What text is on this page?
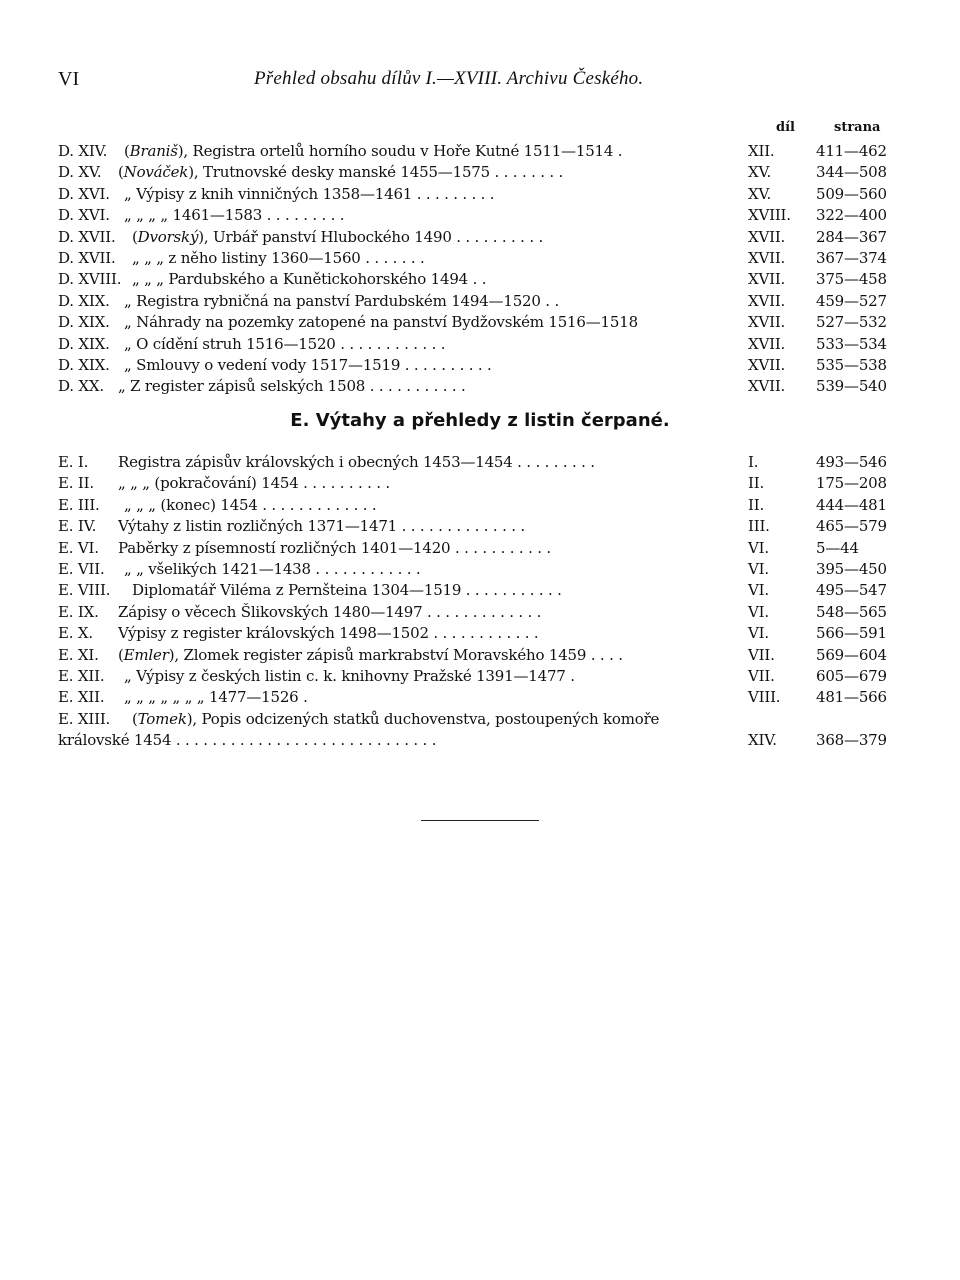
VI	Přehled obsahu dílův I.—XVIII. Archivu Českého.
díl	strana
D. XIV. (Braniš), Registra ortelů horního soudu v Hoře Kutné 1511—1514 .	XII.	411—462
D. XV. (Nováček), Trutnovské desky manské 1455—1575 . . . . . . . .	XV.	344—508
D. XVI. „ Výpisy z knih vinničných 1358—1461 . . . . . . . . .	XV.	509—560
D. XVI. „ „ „ „ 1461—1583 . . . . . . . . .	XVIII. 322—400
D. XVII. (Dvorský), Urbář panství Hlubockého 1490 . . . . . . . . . .	XVII. 284—367
D. XVII. „ „ „ z něho listiny 1360—1560 . . . . . . .	XVII. 367—374
D. XVIII. „ „ „ Pardubského a Kunětickohorského 1494 . .	XVII. 375—458
D. XIX. „ Registra rybničná na panství Pardubském 1494—1520 . .	XVII. 459—527
D. XIX. „ Náhrady na pozemky zatopené na panství Bydžovském 1516—1518	XVII. 527—532
D. XIX. „ O cídění struh 1516—1520 . . . . . . . . . . . .	XVII. 533—534
D. XIX. „ Smlouvy o vedení vody 1517—1519 . . . . . . . . . .	XVII. 535—538
D. XX. „ Z register zápisů selských 1508 . . . . . . . . . . .	XVII. 539—540
E. Výtahy a přehledy z listin čerpané.
E. I. Registra zápisův královských i obecných 1453—1454 . . . . . . . . .	I.	493—546
E. II. „ „ „ (pokračování) 1454 . . . . . . . . . .	II.	175—208
E. III. „ „ „ (konec) 1454 . . . . . . . . . . . . .	II.	444—481
E. IV. Výtahy z listin rozličných 1371—1471 . . . . . . . . . . . . . .	III.	465—579
E. VI. Paběrky z písemností rozličných 1401—1420 . . . . . . . . . . .	VI.	5—44
E. VII. „ „ všelikých 1421—1438 . . . . . . . . . . . .	VI.	395—450
E. VIII. Diplomatář Viléma z Pernšteina 1304—1519 . . . . . . . . . . .	VI.	495—547
E. IX. Zápisy o věcech Šlikovských 1480—1497 . . . . . . . . . . . . .	VI.	548—565
E. X. Výpisy z register královských 1498—1502 . . . . . . . . . . . .	VI.	566—591
E. XI. (Emler), Zlomek register zápisů markrabství Moravského 1459 . . . .	VII.	569—604
E. XII. „ Výpisy z českých listin c. k. knihovny Pražské 1391—1477 .	VII.	605—679
E. XII. „ „ „ „ „ „ „ 1477—1526 .	VIII. 481—566
E. XIII. (Tomek), Popis odcizených statků duchovenstva, postoupených komoře
královské 1454 . . . . . . . . . . . . . . . . . . . . . . . . . . . . .	XIV.	368—379
